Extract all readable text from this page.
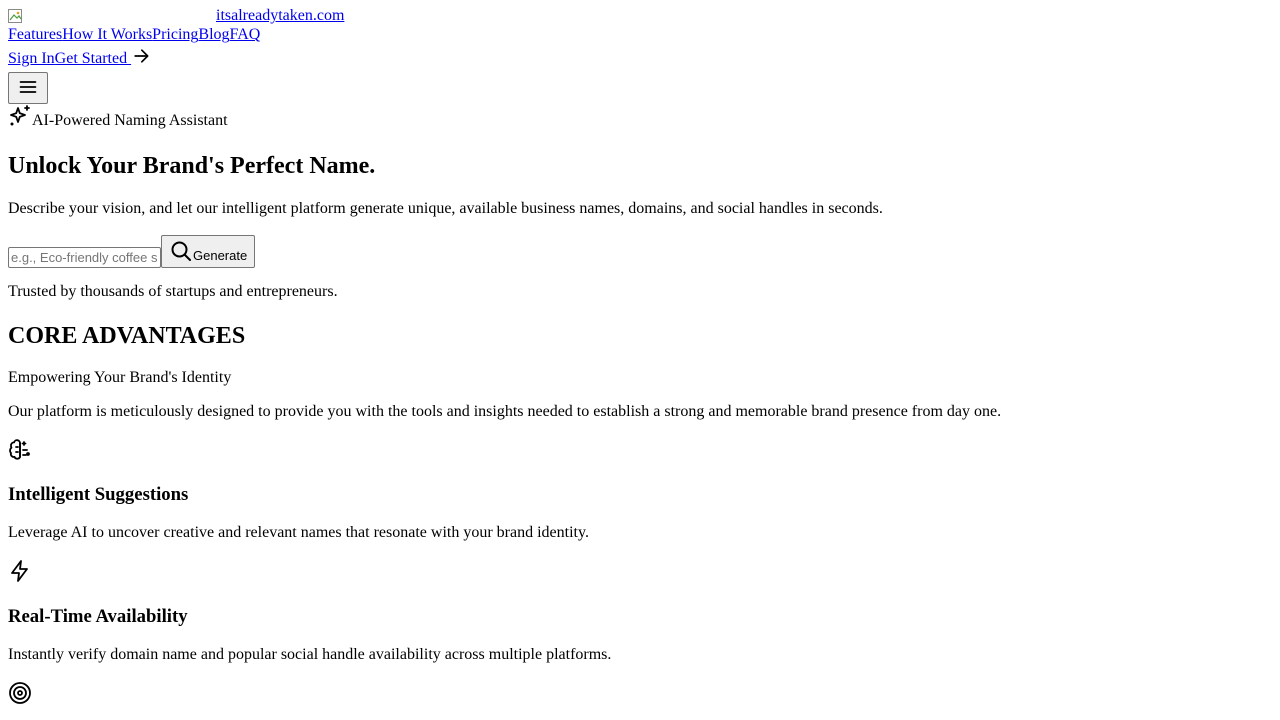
itsalreadytaken.com
FeaturesHow It WorksPricingBlogFAQ
Sign InGet Started
AI-Powered Naming Assistant
Unlock Your Brand's Perfect Name.

Describe your vision, and let our intelligent platform generate unique, available business names, domains, and social handles in seconds.

e.g., Eco-friendly coffee shop
Generate

Trusted by thousands of startups and entrepreneurs.

CORE ADVANTAGES

Empowering Your Brand's Identity

Our platform is meticulously designed to provide you with the tools and insights needed to establish a strong and memorable brand presence from day one.

Intelligent Suggestions

Leverage AI to uncover creative and relevant names that resonate with your brand identity.

Real-Time Availability

Instantly verify domain name and popular social handle availability across multiple platforms.
